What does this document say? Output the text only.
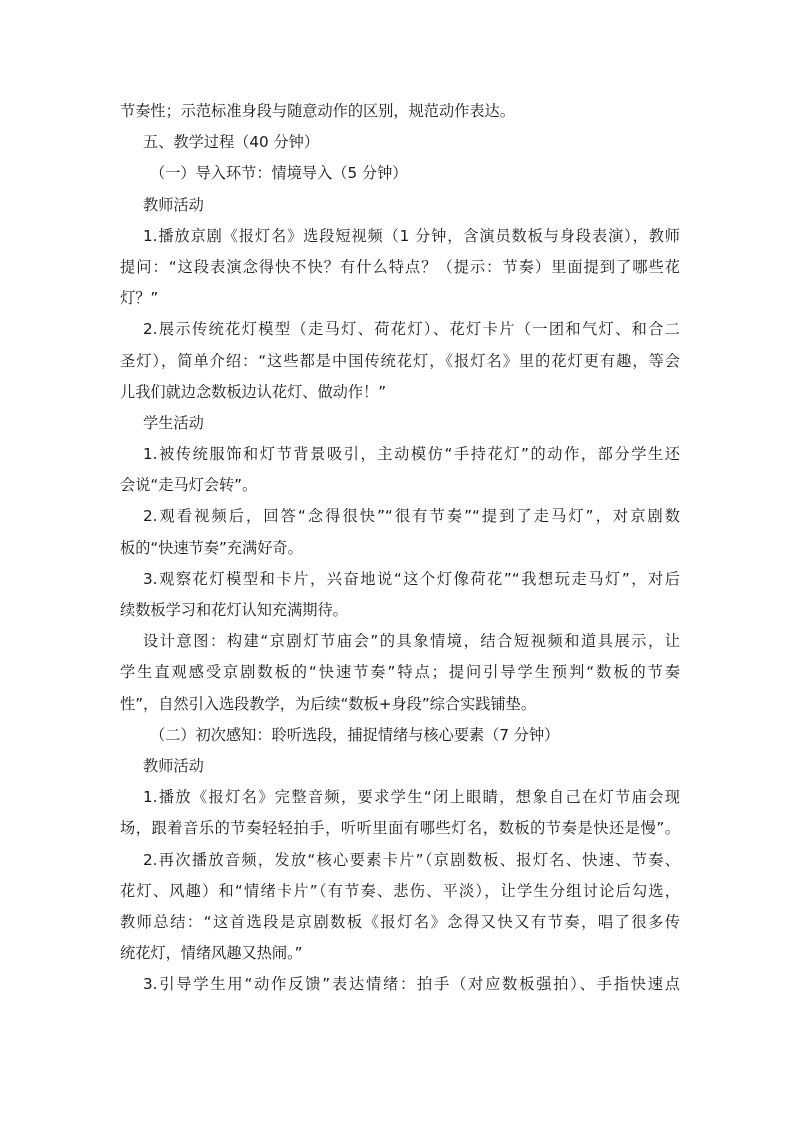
节奏性；示范标准身段与随意动作的区别，规范动作表达。
五、教学过程（40 分钟）
（一）导入环节：情境导入（5 分钟）
教师活动
1.播放京剧《报灯名》选段短视频（1 分钟，含演员数板与身段表演），教师
提问：“这段表演念得快不快？有什么特点？（提示：节奏）里面提到了哪些花
灯？”
2.展示传统花灯模型（走马灯、荷花灯）、花灯卡片（一团和气灯、和合二
圣灯），简单介绍：“这些都是中国传统花灯，《报灯名》里的花灯更有趣，等会
儿我们就边念数板边认花灯、做动作！”
学生活动
1.被传统服饰和灯节背景吸引，主动模仿“手持花灯”的动作，部分学生还
会说“走马灯会转”。
2.观看视频后，回答“念得很快”“很有节奏”“提到了走马灯”，对京剧数
板的“快速节奏”充满好奇。
3.观察花灯模型和卡片，兴奋地说“这个灯像荷花”“我想玩走马灯”，对后
续数板学习和花灯认知充满期待。
设计意图：构建“京剧灯节庙会”的具象情境，结合短视频和道具展示，让
学生直观感受京剧数板的“快速节奏”特点；提问引导学生预判“数板的节奏
性”，自然引入选段教学，为后续“数板+身段”综合实践铺垫。
（二）初次感知：聆听选段，捕捉情绪与核心要素（7 分钟）
教师活动
1.播放《报灯名》完整音频，要求学生“闭上眼睛，想象自己在灯节庙会现
场，跟着音乐的节奏轻轻拍手，听听里面有哪些灯名，数板的节奏是快还是慢”。
2.再次播放音频，发放“核心要素卡片”（京剧数板、报灯名、快速、节奏、
花灯、风趣）和“情绪卡片”（有节奏、悲伤、平淡），让学生分组讨论后勾选，
教师总结：“这首选段是京剧数板《报灯名》念得又快又有节奏，唱了很多传
统花灯，情绪风趣又热闹。”
3.引导学生用“动作反馈”表达情绪：拍手（对应数板强拍）、手指快速点
